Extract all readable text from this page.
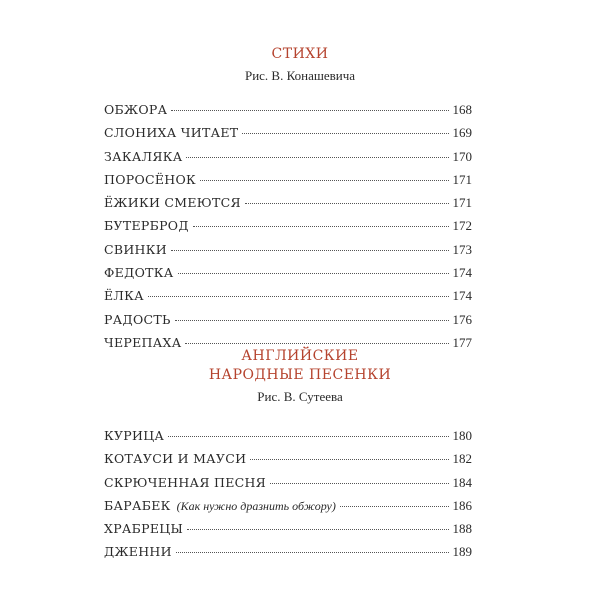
СТИХИ
Рис. В. Конашевича
ОБЖОРА	168
СЛОНИХА ЧИТАЕТ	169
ЗАКАЛЯКА	170
ПОРОСЁНОК	171
ЁЖИКИ СМЕЮТСЯ	171
БУТЕРБРОД	172
СВИНКИ	173
ФЕДОТКА	174
ЁЛКА	174
РАДОСТЬ	176
ЧЕРЕПАХА	177
АНГЛИЙСКИЕ
НАРОДНЫЕ ПЕСЕНКИ
Рис. В. Сутеева
КУРИЦА	180
КОТАУСИ И МАУСИ	182
СКРЮЧЕННАЯ ПЕСНЯ	184
БАРАБЕК (Как нужно дразнить обжору)	186
ХРАБРЕЦЫ	188
ДЖЕННИ	189
